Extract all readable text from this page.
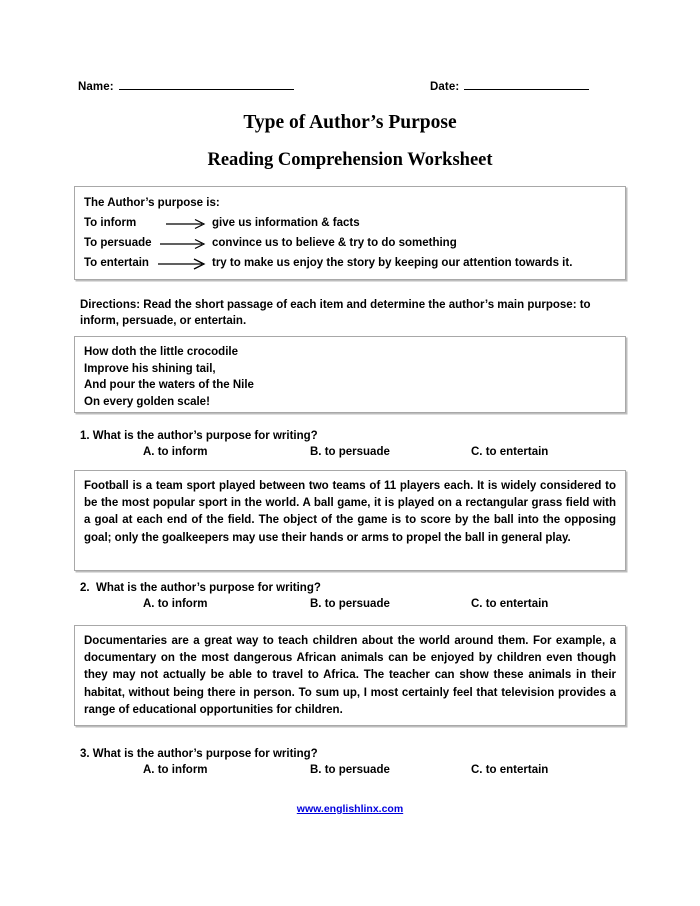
Name:	Date:
Type of Author’s Purpose
Reading Comprehension Worksheet
The Author’s purpose is:
To inform	give us information & facts
To persuade	convince us to believe & try to do something
To entertain	try to make us enjoy the story by keeping our attention towards it.
Directions: Read the short passage of each item and determine the author’s main purpose: to inform, persuade, or entertain.
How doth the little crocodile
Improve his shining tail,
And pour the waters of the Nile
On every golden scale!
1. What is the author’s purpose for writing?
A. to inform	B. to persuade	C. to entertain
Football is a team sport played between two teams of 11 players each. It is widely considered to be the most popular sport in the world. A ball game, it is played on a rectangular grass field with a goal at each end of the field. The object of the game is to score by the ball into the opposing goal; only the goalkeepers may use their hands or arms to propel the ball in general play.
2.  What is the author’s purpose for writing?
A. to inform	B. to persuade	C. to entertain
Documentaries are a great way to teach children about the world around them. For example, a documentary on the most dangerous African animals can be enjoyed by children even though they may not actually be able to travel to Africa. The teacher can show these animals in their habitat, without being there in person. To sum up, I most certainly feel that television provides a range of educational opportunities for children.
3. What is the author’s purpose for writing?
A. to inform	B. to persuade	C. to entertain
www.englishlinx.com
